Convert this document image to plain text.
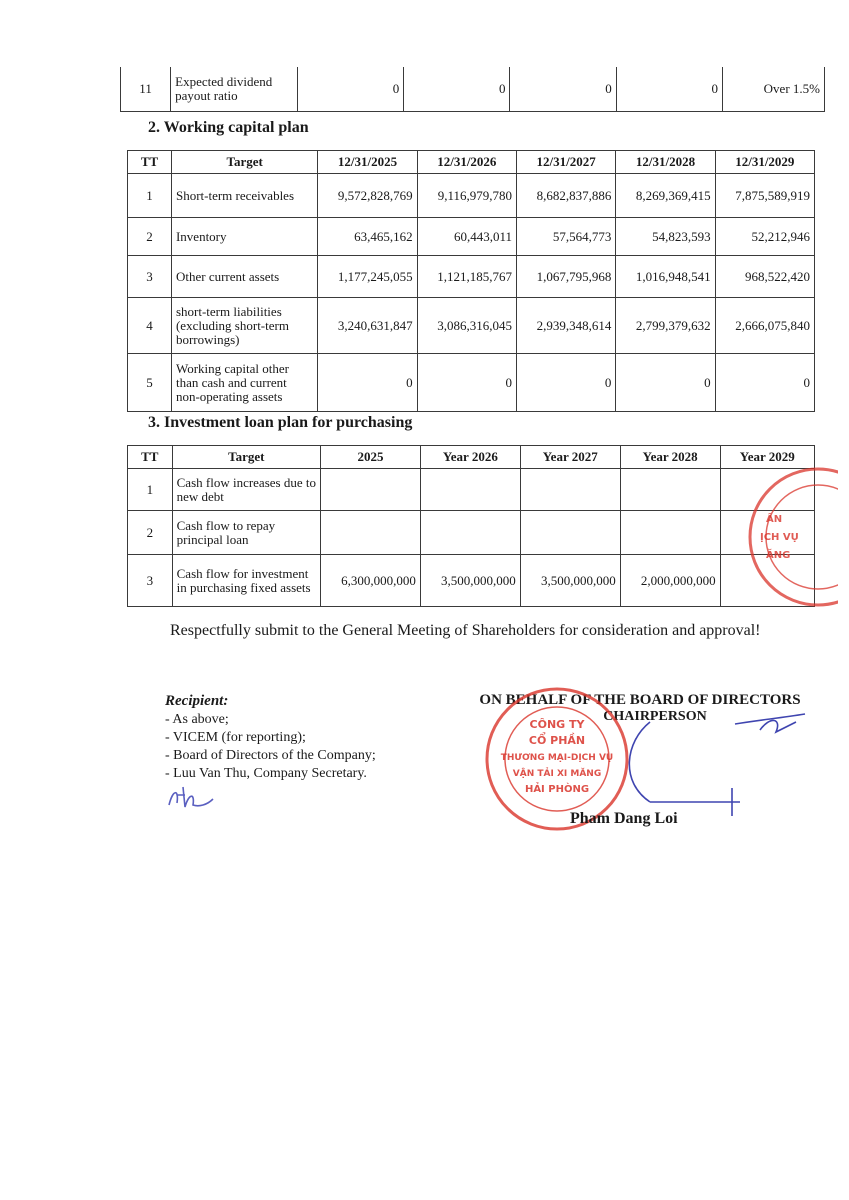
11	Expected dividend payout ratio	0	0	0	0	Over 1.5%
2. Working capital plan
TT	Target	12/31/2025	12/31/2026	12/31/2027	12/31/2028	12/31/2029
1	Short-term receivables	9,572,828,769	9,116,979,780	8,682,837,886	8,269,369,415	7,875,589,919
2	Inventory	63,465,162	60,443,011	57,564,773	54,823,593	52,212,946
3	Other current assets	1,177,245,055	1,121,185,767	1,067,795,968	1,016,948,541	968,522,420
4	short-term liabilities (excluding short-term borrowings)	3,240,631,847	3,086,316,045	2,939,348,614	2,799,379,632	2,666,075,840
5	Working capital other than cash and current non-operating assets	0	0	0	0	0
3. Investment loan plan for purchasing
TT	Target	2025	Year 2026	Year 2027	Year 2028	Year 2029
1	Cash flow increases due to new debt					
2	Cash flow to repay principal loan					
3	Cash flow for investment in purchasing fixed assets	6,300,000,000	3,500,000,000	3,500,000,000	2,000,000,000	
ÂN
ỊCH VỤ
ĂNG

Respectfully submit to the General Meeting of Shareholders for consideration and approval!

Recipient:
- As above;
- VICEM (for reporting);
- Board of Directors of the Company;
- Luu Van Thu, Company Secretary.
ON BEHALF OF THE BOARD OF DIRECTORS
CHAIRPERSON
CÔNG TY
CỔ PHẦN
THƯƠNG MẠI-DỊCH VỤ
VẬN TẢI XI MĂNG
HẢI PHÒNG
Pham Dang Loi
